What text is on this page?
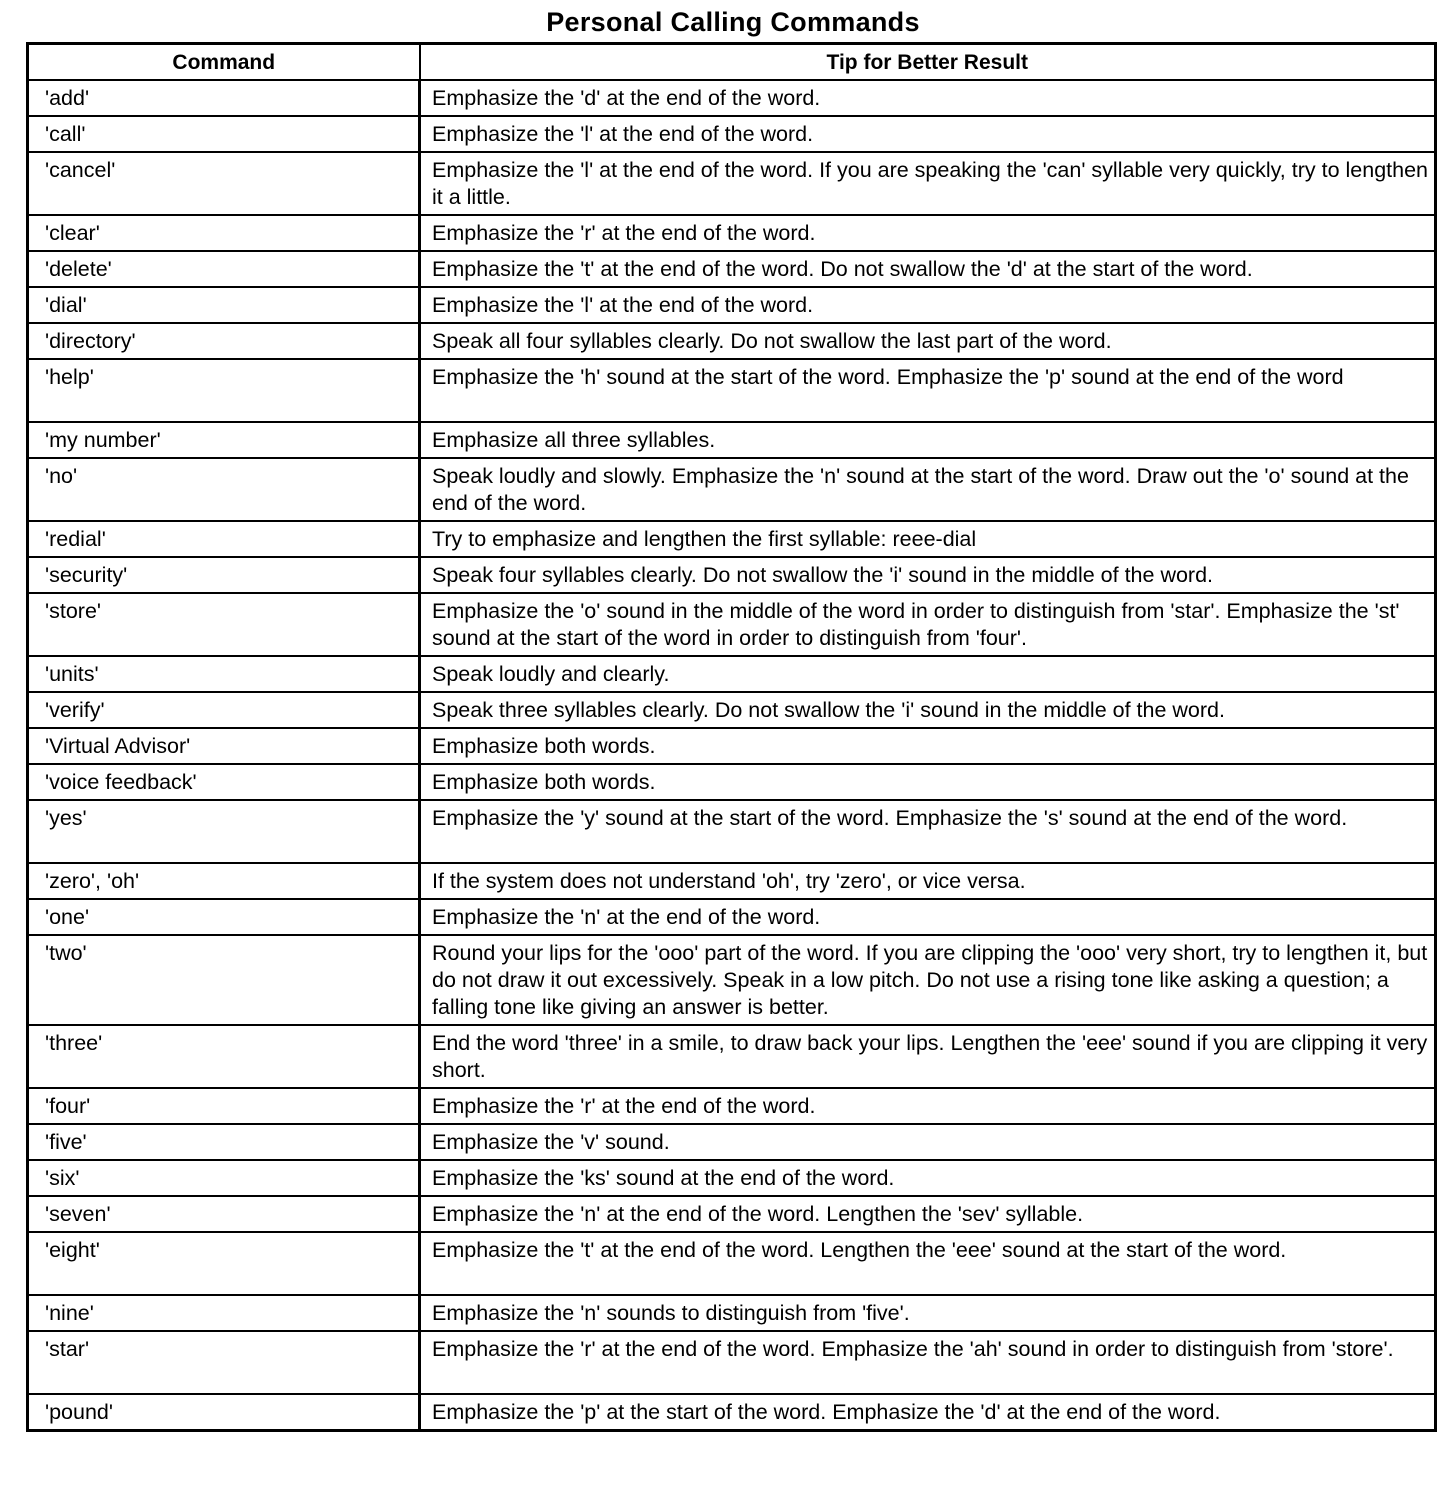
Personal Calling Commands
Command	Tip for Better Result
'add'	Emphasize the 'd' at the end of the word.
'call'	Emphasize the 'l' at the end of the word.
'cancel'	Emphasize the 'l' at the end of the word. If you are speaking the 'can' syllable very quickly, try to lengthen it a little.
'clear'	Emphasize the 'r' at the end of the word.
'delete'	Emphasize the 't' at the end of the word. Do not swallow the 'd' at the start of the word.
'dial'	Emphasize the 'l' at the end of the word.
'directory'	Speak all four syllables clearly. Do not swallow the last part of the word.
'help'	Emphasize the 'h' sound at the start of the word. Emphasize the 'p' sound at the end of the word
'my number'	Emphasize all three syllables.
'no'	Speak loudly and slowly. Emphasize the 'n' sound at the start of the word. Draw out the 'o' sound at the end of the word.
'redial'	Try to emphasize and lengthen the first syllable: reee-dial
'security'	Speak four syllables clearly. Do not swallow the 'i' sound in the middle of the word.
'store'	Emphasize the 'o' sound in the middle of the word in order to distinguish from 'star'. Emphasize the 'st' sound at the start of the word in order to distinguish from 'four'.
'units'	Speak loudly and clearly.
'verify'	Speak three syllables clearly. Do not swallow the 'i' sound in the middle of the word.
'Virtual Advisor'	Emphasize both words.
'voice feedback'	Emphasize both words.
'yes'	Emphasize the 'y' sound at the start of the word. Emphasize the 's' sound at the end of the word.
'zero', 'oh'	If the system does not understand 'oh', try 'zero', or vice versa.
'one'	Emphasize the 'n' at the end of the word.
'two'	Round your lips for the 'ooo' part of the word. If you are clipping the 'ooo' very short, try to lengthen it, but do not draw it out excessively. Speak in a low pitch. Do not use a rising tone like asking a question; a falling tone like giving an answer is better.
'three'	End the word 'three' in a smile, to draw back your lips. Lengthen the 'eee' sound if you are clipping it very short.
'four'	Emphasize the 'r' at the end of the word.
'five'	Emphasize the 'v' sound.
'six'	Emphasize the 'ks' sound at the end of the word.
'seven'	Emphasize the 'n' at the end of the word. Lengthen the 'sev' syllable.
'eight'	Emphasize the 't' at the end of the word. Lengthen the 'eee' sound at the start of the word.
'nine'	Emphasize the 'n' sounds to distinguish from 'five'.
'star'	Emphasize the 'r' at the end of the word. Emphasize the 'ah' sound in order to distinguish from 'store'.
'pound'	Emphasize the 'p' at the start of the word. Emphasize the 'd' at the end of the word.
